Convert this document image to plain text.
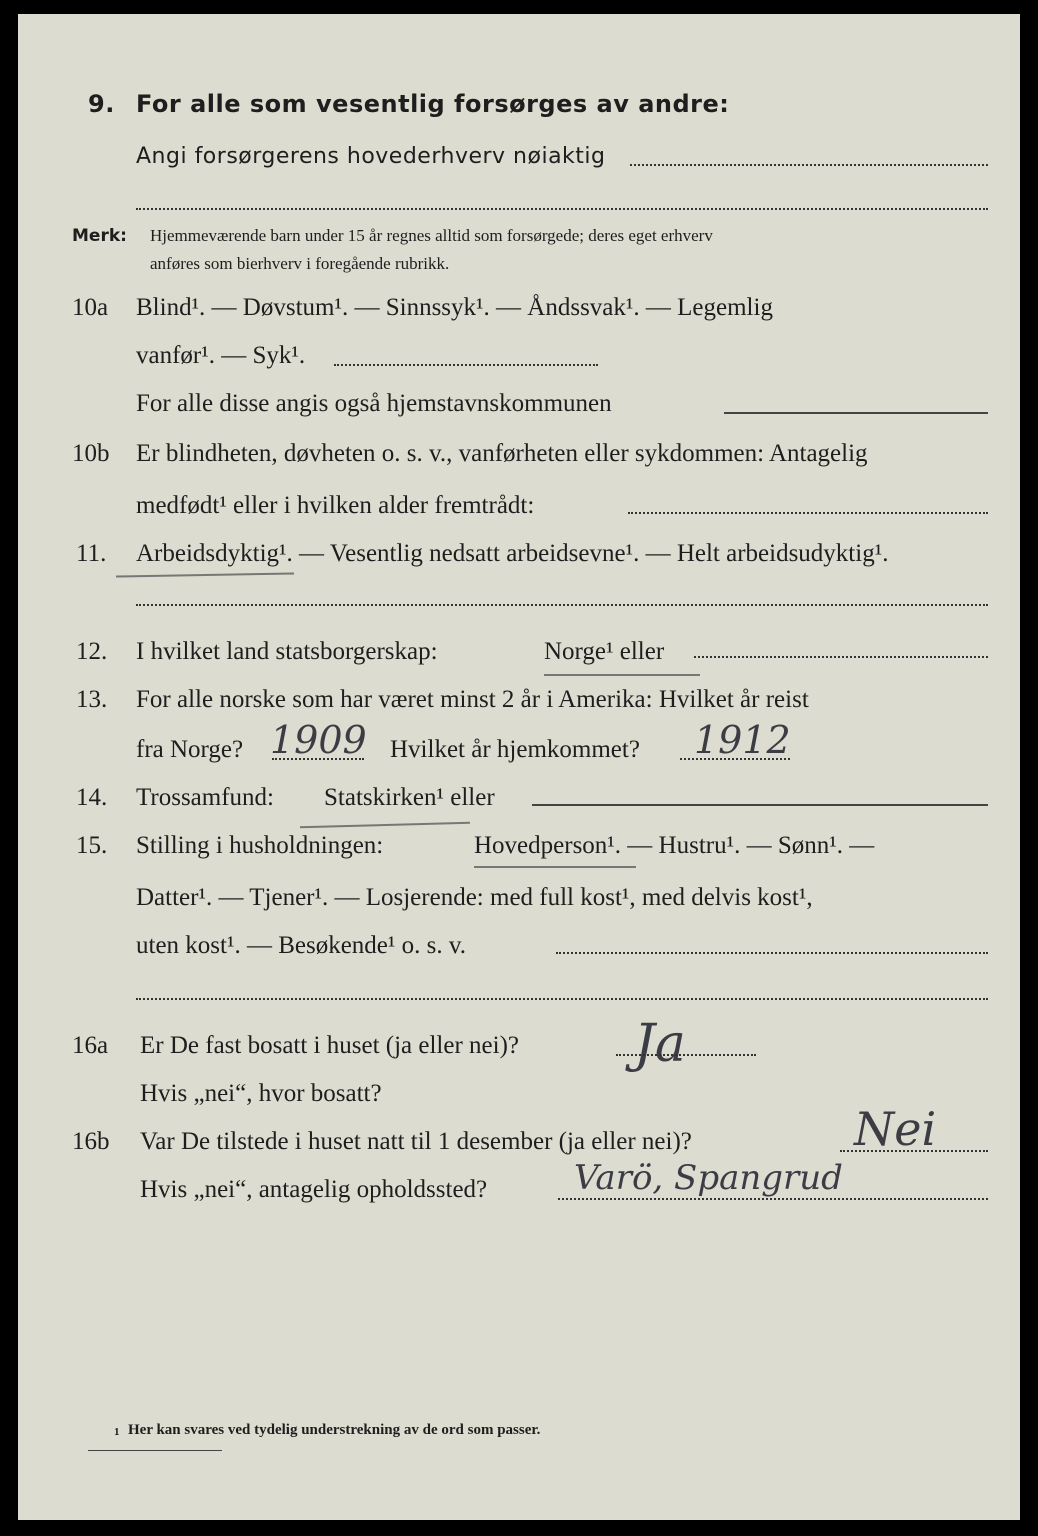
9. For alle som vesentlig forsørges av andre:
Angi forsørgerens hovederhverv nøiaktig
Merk: Hjemmeværende barn under 15 år regnes alltid som forsørgede; deres eget erhverv
anføres som bierhverv i foregående rubrikk.
10a Blind¹. — Døvstum¹. — Sinnssyk¹. — Åndssvak¹. — Legemlig
vanfør¹. — Syk¹.
For alle disse angis også hjemstavnskommunen
10b Er blindheten, døvheten o. s. v., vanførheten eller sykdommen: Antagelig
medfødt¹ eller i hvilken alder fremtrådt:
11. Arbeidsdyktig¹. — Vesentlig nedsatt arbeidsevne¹. — Helt arbeidsudyktig¹.
12. I hvilket land statsborgerskap:	Norge¹ eller
13. For alle norske som har været minst 2 år i Amerika: Hvilket år reist
fra Norge? 1909 Hvilket år hjemkommet? 1912
14. Trossamfund: Statskirken¹ eller
15. Stilling i husholdningen:	Hovedperson¹. — Hustru¹. — Sønn¹. —
Datter¹. — Tjener¹. — Losjerende: med full kost¹, med delvis kost¹,
uten kost¹. — Besøkende¹ o. s. v.
16a Er De fast bosatt i huset (ja eller nei)? Ja
Hvis „nei“, hvor bosatt?
16b Var De tilstede i huset natt til 1 desember (ja eller nei)?	Nei
Hvis „nei“, antagelig opholdssted?	Varö, Spangrud
1 Her kan svares ved tydelig understrekning av de ord som passer.
